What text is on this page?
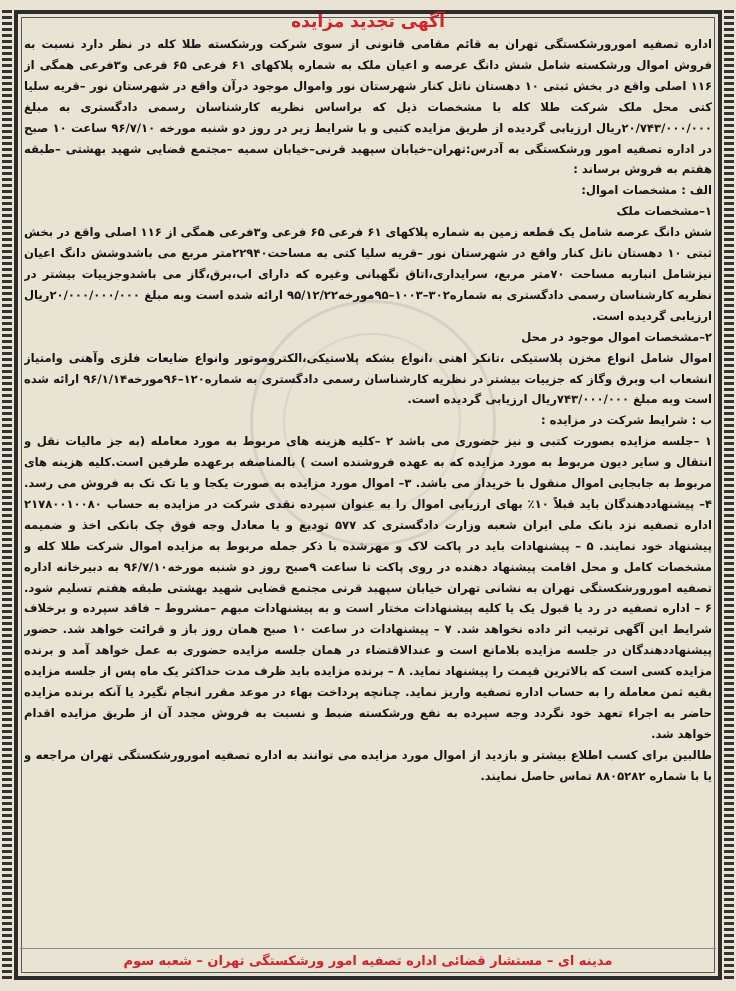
آگهی تجدید مزایده

اداره تصفیه امورورشکستگی تهران به قائم مقامی قانونی از سوی شرکت ورشکسته طلا کله در نظر دارد نسبت به فروش اموال ورشکسته شامل شش دانگ عرصه و اعیان ملک به شماره پلاکهای ۶۱ فرعی ۶۵ فرعی و۳فرعی همگی از ۱۱۶ اصلی واقع در بخش ثبتی ۱۰ دهستان ناتل کنار شهرستان نور واموال موجود درآن واقع در شهرستان نور –قریه سلیا کتی محل ملک شرکت طلا کله با مشخصات ذیل که براساس نظریه کارشناسان رسمی دادگستری به مبلغ ۲۰/۷۴۳/۰۰۰/۰۰۰ریال ارزیابی گردیده از طریق مزایده کتبی و با شرایط زیر در روز دو شنبه مورخه ۹۶/۷/۱۰ ساعت ۱۰ صبح در اداره تصفیه امور ورشکستگی به آدرس:تهران–خیابان سپهبد قرنی–خیابان سمیه –مجتمع قضایی شهید بهشتی –طبقه هفتم به فروش برساند :

الف : مشخصات اموال:

۱–مشخصات ملک

شش دانگ عرصه شامل یک قطعه زمین به شماره پلاکهای ۶۱ فرعی ۶۵ فرعی و۳فرعی همگی از ۱۱۶ اصلی واقع در بخش ثبتی ۱۰ دهستان ناتل کنار واقع در شهرستان نور –قریه سلیا کتی به مساحت۲۲۹۴۰متر مربع می باشدوشش دانگ اعیان نیزشامل انباربه مساحت ۷۰متر مربع، سرایداری،اتاق نگهبانی وغیره که دارای اب،برق،گاز می باشدوجزییات بیشتر در نظریه کارشناسان رسمی دادگستری به شماره۳۰۲–۱۰۰۳–۹۵مورخه۹۵/۱۲/۲۲ ارائه شده است وبه مبلغ ۲۰/۰۰۰/۰۰۰/۰۰۰ریال ارزیابی گردیده است.

۲–مشخصات اموال موجود در محل

اموال شامل انواع مخزن پلاستیکی ،تانکر اهنی ،انواع بشکه پلاستیکی،الکتروموتور وانواع ضایعات فلزی وآهنی وامتیاز انشعاب اب وبرق وگاز که جزییات بیشتر در نظریه کارشناسان رسمی دادگستری به شماره۱۲۰–۹۶مورخه۹۶/۱/۱۴ ارائه شده است وبه مبلغ ۷۴۳/۰۰۰/۰۰۰ریال ارزیابی گردیده است.

ب : شرایط شرکت در مزایده :

۱ –جلسه مزایده بصورت کتبی و نیز حضوری می باشد ۲ –کلیه هزینه های مربوط به مورد معامله (به جز مالیات نقل و انتقال و سایر دیون مربوط به مورد مزایده که به عهده فروشنده است ) بالمناصفه برعهده طرفین است.کلیه هزینه های مربوط به جابجایی اموال منقول با خریدار می باشد. ۳– اموال مورد مزایده به صورت یکجا و یا تک تک به فروش می رسد. ۴– پیشنهاددهندگان باید قبلاً ۱۰٪ بهای ارزیابی اموال را به عنوان سپرده نقدی شرکت در مزایده به حساب ۲۱۷۸۰۰۱۰۰۸۰ اداره تصفیه نزد بانک ملی ایران شعبه وزارت دادگستری کد ۵۷۷ تودیع و یا معادل وجه فوق چک بانکی اخذ و ضمیمه پیشنهاد خود نمایند. ۵ – پیشنهادات باید در پاکت لاک و مهرشده با ذکر جمله مربوط به مزایده اموال شرکت طلا کله و مشخصات کامل و محل اقامت پیشنهاد دهنده در روی پاکت تا ساعت ۹صبح روز دو شنبه مورخه۹۶/۷/۱۰ به دبیرخانه اداره تصفیه امورورشکستگی تهران به نشانی تهران خیابان سپهبد قرنی مجتمع قضایی شهید بهشتی طبقه هفتم تسلیم شود. ۶ – اداره تصفیه در رد یا قبول یک یا کلیه پیشنهادات مختار است و به پیشنهادات مبهم –مشروط – فاقد سپرده و برخلاف شرایط این آگهی ترتیب اثر داده نخواهد شد. ۷ – پیشنهادات در ساعت ۱۰ صبح همان روز باز و قرائت خواهد شد. حضور پیشنهاددهندگان در جلسه مزایده بلامانع است و عندالاقتضاء در همان جلسه مزایده حضوری به عمل خواهد آمد و برنده مزایده کسی است که بالاترین قیمت را پیشنهاد نماید. ۸ – برنده مزایده باید ظرف مدت حداکثر یک ماه پس از جلسه مزایده بقیه ثمن معامله را به حساب اداره تصفیه واریز نماید. چنانچه پرداخت بهاء در موعد مقرر انجام نگیرد یا آنکه برنده مزایده حاضر به اجراء تعهد خود نگردد وجه سپرده به نفع ورشکسته ضبط و نسبت به فروش مجدد آن از طریق مزایده اقدام خواهد شد.

طالبین برای کسب اطلاع بیشتر و بازدید از اموال مورد مزایده می توانند به اداره تصفیه امورورشکستگی تهران مراجعه و یا با شماره ۸۸۰۵۲۸۲ تماس حاصل نمایند.

مدینه ای – مستشار قضائی اداره تصفیه امور ورشکستگی تهران – شعبه سوم
